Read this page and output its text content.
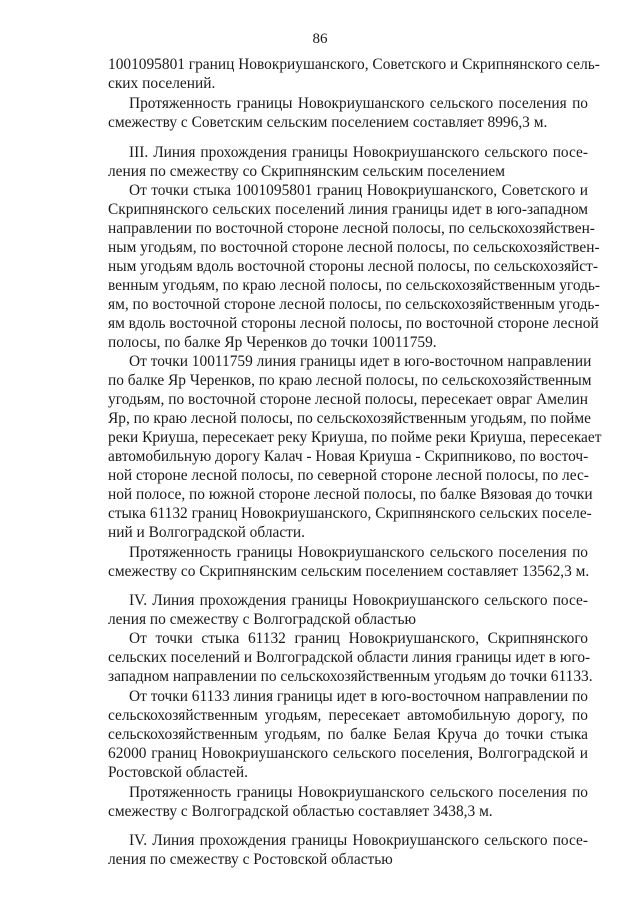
86
1001095801 границ Новокриушанского, Советского и Скрипнянского сель-
ских поселений.
Протяженность границы Новокриушанского сельского поселения по
смежеству с Советским сельским поселением составляет 8996,3 м.
III. Линия прохождения границы Новокриушанского сельского посе-
ления по смежеству со Скрипнянским сельским поселением
От точки стыка 1001095801 границ Новокриушанского, Советского и
Скрипнянского сельских поселений линия границы идет в юго-западном
направлении по восточной стороне лесной полосы, по сельскохозяйствен-
ным угодьям, по восточной стороне лесной полосы, по сельскохозяйствен-
ным угодьям вдоль восточной стороны лесной полосы, по сельскохозяйст-
венным угодьям, по краю лесной полосы, по сельскохозяйственным угодь-
ям, по восточной стороне лесной полосы, по сельскохозяйственным угодь-
ям вдоль восточной стороны лесной полосы, по восточной стороне лесной
полосы, по балке Яр Черенков до точки 10011759.
От точки 10011759 линия границы идет в юго-восточном направлении
по балке Яр Черенков, по краю лесной полосы, по сельскохозяйственным
угодьям, по восточной стороне лесной полосы, пересекает овраг Амелин
Яр, по краю лесной полосы, по сельскохозяйственным угодьям, по пойме
реки Криуша, пересекает реку Криуша, по пойме реки Криуша, пересекает
автомобильную дорогу Калач - Новая Криуша - Скрипниково, по восточ-
ной стороне лесной полосы, по северной стороне лесной полосы, по лес-
ной полосе, по южной стороне лесной полосы, по балке Вязовая до точки
стыка 61132 границ Новокриушанского, Скрипнянского сельских поселе-
ний и Волгоградской области.
Протяженность границы Новокриушанского сельского поселения по
смежеству со Скрипнянским сельским поселением составляет 13562,3 м.
IV. Линия прохождения границы Новокриушанского сельского посе-
ления по смежеству с Волгоградской областью
От точки стыка 61132 границ Новокриушанского, Скрипнянского
сельских поселений и Волгоградской области линия границы идет в юго-
западном направлении по сельскохозяйственным угодьям до точки 61133.
От точки 61133 линия границы идет в юго-восточном направлении по
сельскохозяйственным угодьям, пересекает автомобильную дорогу, по
сельскохозяйственным угодьям, по балке Белая Круча до точки стыка
62000 границ Новокриушанского сельского поселения, Волгоградской и
Ростовской областей.
Протяженность границы Новокриушанского сельского поселения по
смежеству с Волгоградской областью составляет 3438,3 м.
IV. Линия прохождения границы Новокриушанского сельского посе-
ления по смежеству с Ростовской областью
